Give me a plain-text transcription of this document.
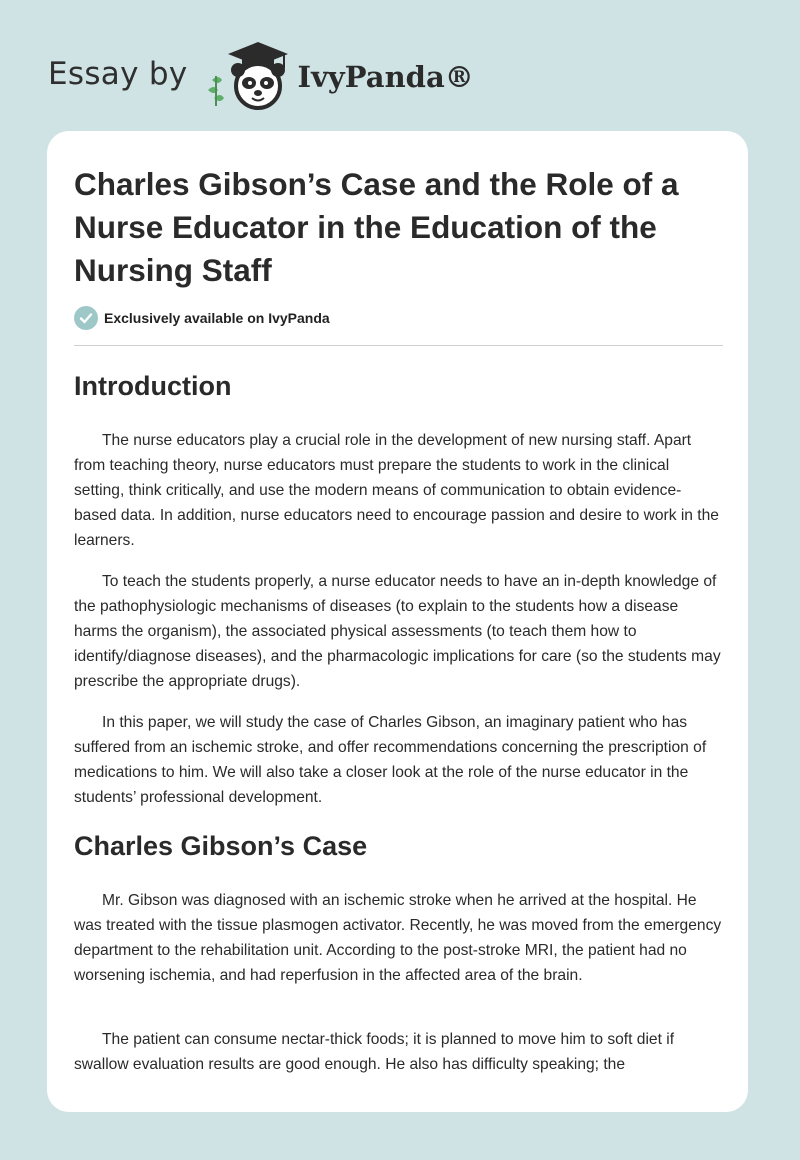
Essay by	IvyPanda®
Charles Gibson’s Case and the Role of a Nurse Educator in the Education of the Nursing Staff
Exclusively available on IvyPanda
Introduction

The nurse educators play a crucial role in the development of new nursing staff. Apart from teaching theory, nurse educators must prepare the students to work in the clinical setting, think critically, and use the modern means of communication to obtain evidence-based data. In addition, nurse educators need to encourage passion and desire to work in the learners.

To teach the students properly, a nurse educator needs to have an in-depth knowledge of the pathophysiologic mechanisms of diseases (to explain to the students how a disease harms the organism), the associated physical assessments (to teach them how to identify/diagnose diseases), and the pharmacologic implications for care (so the students may prescribe the appropriate drugs).

In this paper, we will study the case of Charles Gibson, an imaginary patient who has suffered from an ischemic stroke, and offer recommendations concerning the prescription of medications to him. We will also take a closer look at the role of the nurse educator in the students’ professional development.

Charles Gibson’s Case

Mr. Gibson was diagnosed with an ischemic stroke when he arrived at the hospital. He was treated with the tissue plasmogen activator. Recently, he was moved from the emergency department to the rehabilitation unit. According to the post-stroke MRI, the patient had no worsening ischemia, and had reperfusion in the affected area of the brain.

The patient can consume nectar-thick foods; it is planned to move him to soft diet if swallow evaluation results are good enough. He also has difficulty speaking; the
